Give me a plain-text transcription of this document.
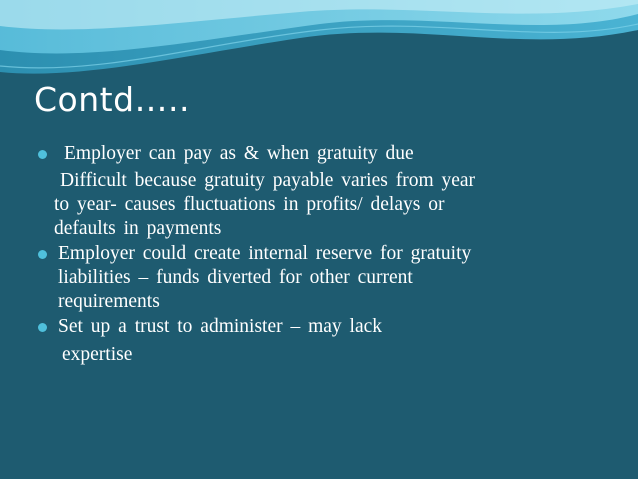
Contd…..

Employer can pay as & when gratuity due

Difficult because gratuity payable varies from year

to year- causes fluctuations in profits/ delays or

defaults in payments

Employer could create internal reserve for gratuity

liabilities – funds diverted for other current

requirements

Set up a trust to administer – may lack

expertise
